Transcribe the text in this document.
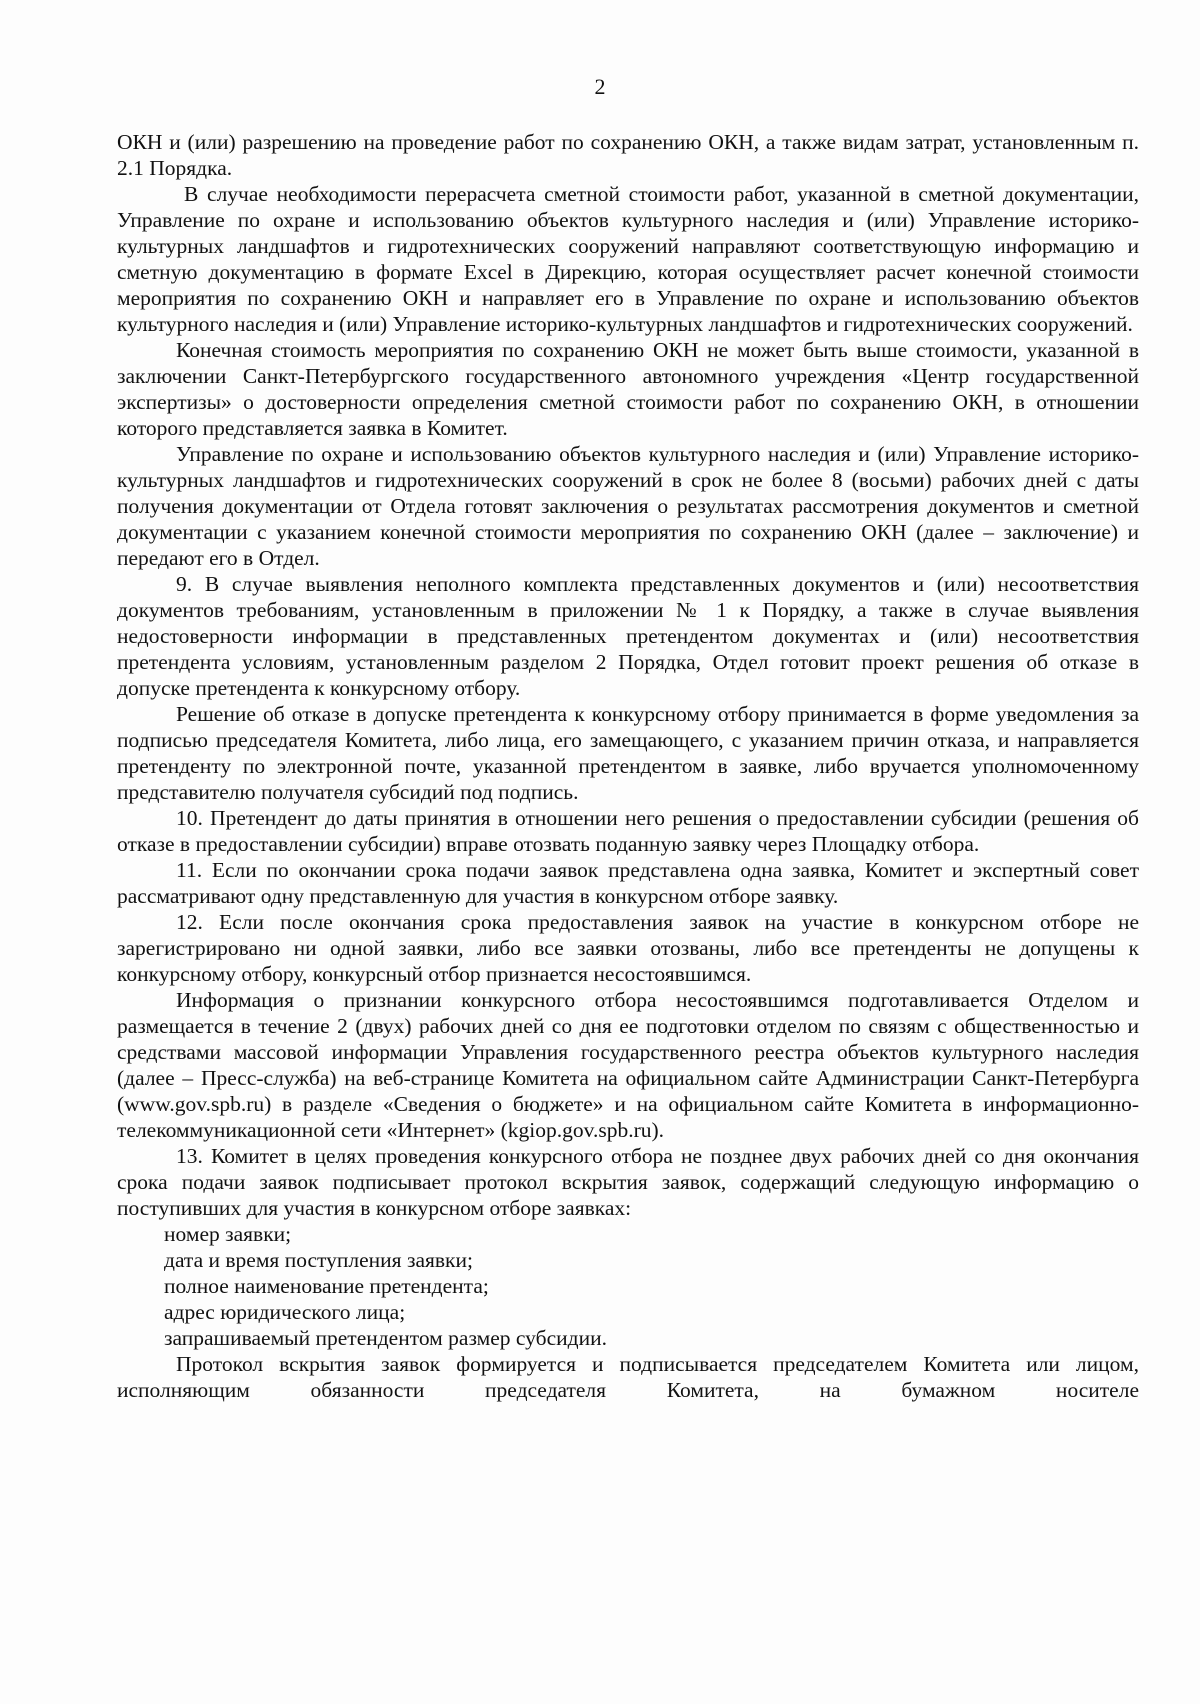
2

ОКН и (или) разрешению на проведение работ по сохранению ОКН, а также видам затрат, установленным п. 2.1 Порядка.

В случае необходимости перерасчета сметной стоимости работ, указанной в сметной документации, Управление по охране и использованию объектов культурного наследия и (или) Управление историко-культурных ландшафтов и гидротехнических сооружений направляют соответствующую информацию и сметную документацию в формате Excel в Дирекцию, которая осуществляет расчет конечной стоимости мероприятия по сохранению ОКН и направляет его в Управление по охране и использованию объектов культурного наследия и (или) Управление историко-культурных ландшафтов и гидротехнических сооружений.

Конечная стоимость мероприятия по сохранению ОКН не может быть выше стоимости, указанной в заключении Санкт-Петербургского государственного автономного учреждения «Центр государственной экспертизы» о достоверности определения сметной стоимости работ по сохранению ОКН, в отношении которого представляется заявка в Комитет.

Управление по охране и использованию объектов культурного наследия и (или) Управление историко-культурных ландшафтов и гидротехнических сооружений в срок не более 8 (восьми) рабочих дней с даты получения документации от Отдела готовят заключения о результатах рассмотрения документов и сметной документации с указанием конечной стоимости мероприятия по сохранению ОКН (далее – заключение) и передают его в Отдел.

9. В случае выявления неполного комплекта представленных документов и (или) несоответствия документов требованиям, установленным в приложении № 1 к Порядку, а также в случае выявления недостоверности информации в представленных претендентом документах и (или) несоответствия претендента условиям, установленным разделом 2 Порядка, Отдел готовит проект решения об отказе в допуске претендента к конкурсному отбору.

Решение об отказе в допуске претендента к конкурсному отбору принимается в форме уведомления за подписью председателя Комитета, либо лица, его замещающего, с указанием причин отказа, и направляется претенденту по электронной почте, указанной претендентом в заявке, либо вручается уполномоченному представителю получателя субсидий под подпись.

10. Претендент до даты принятия в отношении него решения о предоставлении субсидии (решения об отказе в предоставлении субсидии) вправе отозвать поданную заявку через Площадку отбора.

11. Если по окончании срока подачи заявок представлена одна заявка, Комитет и экспертный совет рассматривают одну представленную для участия в конкурсном отборе заявку.

12. Если после окончания срока предоставления заявок на участие в конкурсном отборе не зарегистрировано ни одной заявки, либо все заявки отозваны, либо все претенденты не допущены к конкурсному отбору, конкурсный отбор признается несостоявшимся.

Информация о признании конкурсного отбора несостоявшимся подготавливается Отделом и размещается в течение 2 (двух) рабочих дней со дня ее подготовки отделом по связям с общественностью и средствами массовой информации Управления государственного реестра объектов культурного наследия (далее – Пресс-служба) на веб-странице Комитета на официальном сайте Администрации Санкт-Петербурга (www.gov.spb.ru) в разделе «Сведения о бюджете» и на официальном сайте Комитета в информационно-телекоммуникационной сети «Интернет» (kgiop.gov.spb.ru).

13. Комитет в целях проведения конкурсного отбора не позднее двух рабочих дней со дня окончания срока подачи заявок подписывает протокол вскрытия заявок, содержащий следующую информацию о поступивших для участия в конкурсном отборе заявках:

номер заявки;
дата и время поступления заявки;
полное наименование претендента;
адрес юридического лица;
запрашиваемый претендентом размер субсидии.

Протокол вскрытия заявок формируется и подписывается председателем Комитета или лицом, исполняющим обязанности председателя Комитета, на бумажном носителе
